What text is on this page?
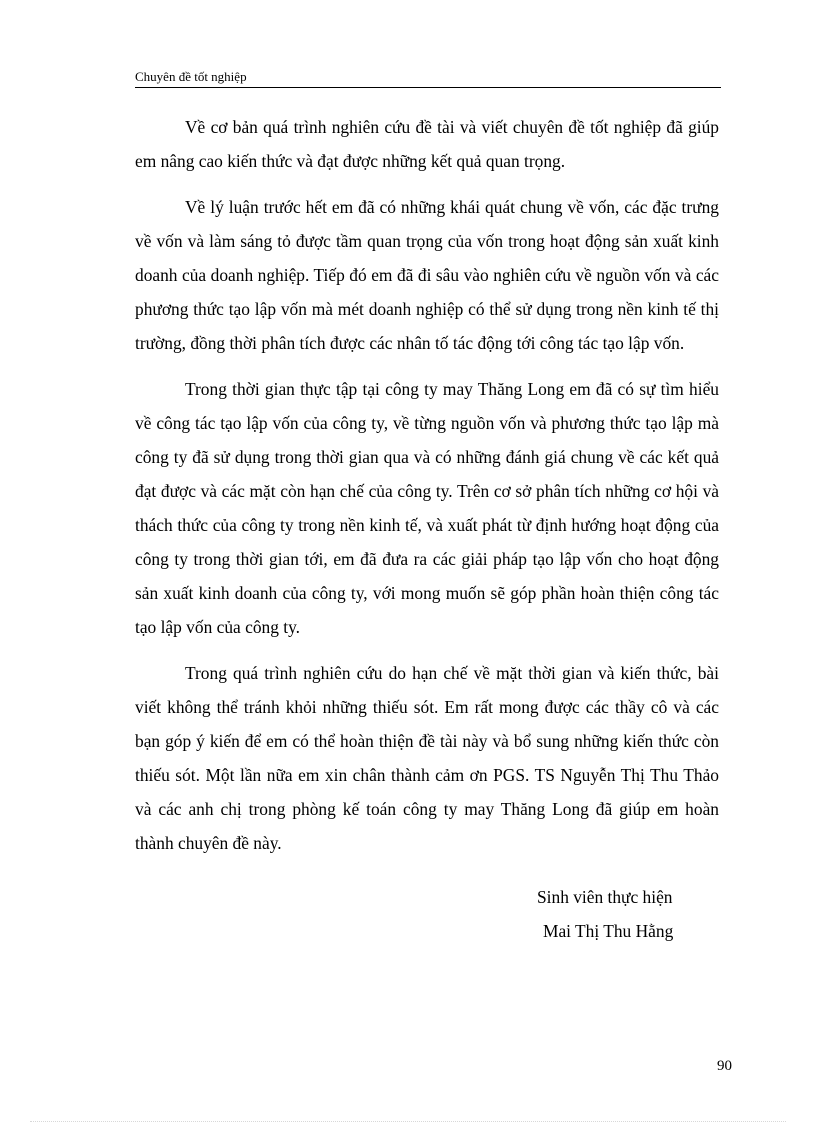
Chuyên đề tốt nghiệp

Về cơ bản quá trình nghiên cứu đề tài và viết chuyên đề tốt nghiệp đã giúp em nâng cao kiến thức và đạt được những kết quả quan trọng.

Về lý luận trước hết em đã có những khái quát chung về vốn, các đặc trưng về vốn và làm sáng tỏ được tầm quan trọng của vốn trong hoạt động sản xuất kinh doanh của doanh nghiệp. Tiếp đó em đã đi sâu vào nghiên cứu về nguồn vốn và các phương thức tạo lập vốn mà mét doanh nghiệp có thể sử dụng trong nền kinh tế thị trường, đồng thời phân tích được các nhân tố tác động tới công tác tạo lập vốn.

Trong thời gian thực tập tại công ty may Thăng Long em đã có sự tìm hiểu về công tác tạo lập vốn của công ty, về từng nguồn vốn và phương thức tạo lập mà công ty đã sử dụng trong thời gian qua và có những đánh giá chung về các kết quả đạt được và các mặt còn hạn chế của công ty. Trên cơ sở phân tích những cơ hội và thách thức của công ty trong nền kinh tế, và xuất phát từ định hướng hoạt động của công ty trong thời gian tới, em đã đưa ra các giải pháp tạo lập vốn cho hoạt động sản xuất kinh doanh của công ty, với mong muốn sẽ góp phần hoàn thiện công tác tạo lập vốn của công ty.

Trong quá trình nghiên cứu do hạn chế về mặt thời gian và kiến thức, bài viết không thể tránh khỏi những thiếu sót. Em rất mong được các thầy cô và các bạn góp ý kiến để em có thể hoàn thiện đề tài này và bổ sung những kiến thức còn thiếu sót. Một lần nữa em xin chân thành cảm ơn PGS. TS Nguyễn Thị Thu Thảo và các anh chị trong phòng kế toán công ty may Thăng Long đã giúp em hoàn thành chuyên đề này.

Sinh viên thực hiện
Mai Thị Thu Hằng
90
